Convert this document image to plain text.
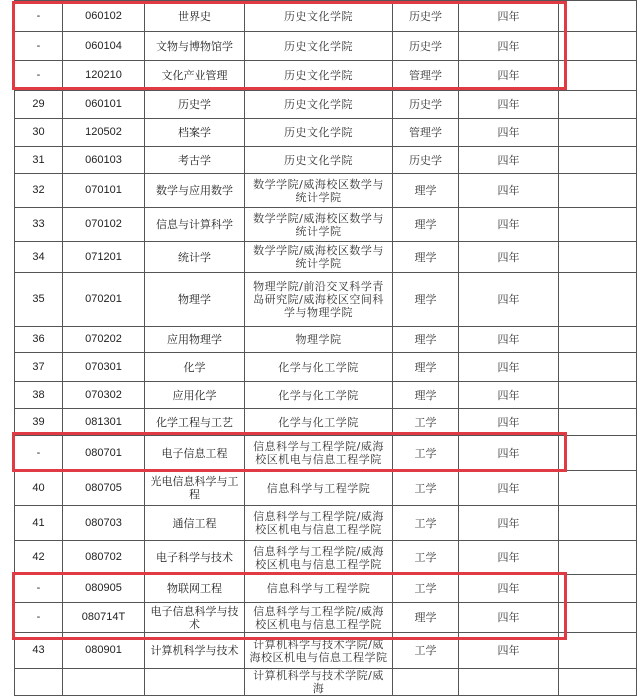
-	060102	世界史	历史文化学院	历史学	四年	
-	060104	文物与博物馆学	历史文化学院	历史学	四年	
-	120210	文化产业管理	历史文化学院	管理学	四年	
29	060101	历史学	历史文化学院	历史学	四年	
30	120502	档案学	历史文化学院	管理学	四年	
31	060103	考古学	历史文化学院	历史学	四年	
32	070101	数学与应用数学	数学学院/威海校区数学与统计学院	理学	四年	
33	070102	信息与计算科学	数学学院/威海校区数学与统计学院	理学	四年	
34	071201	统计学	数学学院/威海校区数学与统计学院	理学	四年	
35	070201	物理学	物理学院/前沿交叉科学青岛研究院/威海校区空间科学与物理学院	理学	四年	
36	070202	应用物理学	物理学院	理学	四年	
37	070301	化学	化学与化工学院	理学	四年	
38	070302	应用化学	化学与化工学院	理学	四年	
39	081301	化学工程与工艺	化学与化工学院	工学	四年	
-	080701	电子信息工程	信息科学与工程学院/威海校区机电与信息工程学院	工学	四年	
40	080705	光电信息科学与工程	信息科学与工程学院	工学	四年	
41	080703	通信工程	信息科学与工程学院/威海校区机电与信息工程学院	工学	四年	
42	080702	电子科学与技术	信息科学与工程学院/威海校区机电与信息工程学院	工学	四年	
-	080905	物联网工程	信息科学与工程学院	工学	四年	
-	080714T	电子信息科学与技术	信息科学与工程学院/威海校区机电与信息工程学院	理学	四年	
43	080901	计算机科学与技术	计算机科学与技术学院/威海校区机电与信息工程学院	工学	四年	
			计算机科学与技术学院/威海			
